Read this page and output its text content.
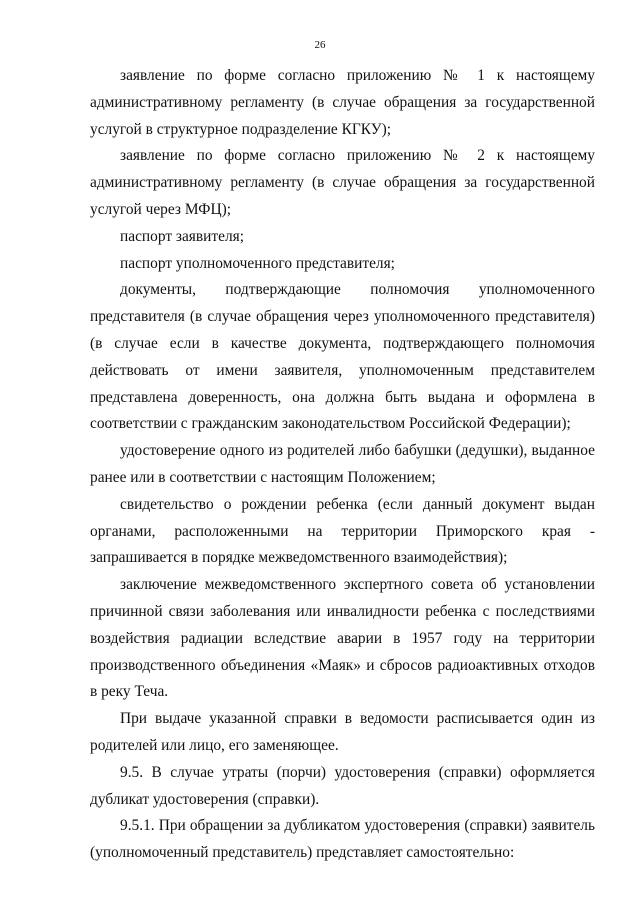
26

заявление по форме согласно приложению № 1 к настоящему административному регламенту (в случае обращения за государственной услугой в структурное подразделение КГКУ);

заявление по форме согласно приложению № 2 к настоящему административному регламенту (в случае обращения за государственной услугой через МФЦ);

паспорт заявителя;

паспорт уполномоченного представителя;

документы, подтверждающие полномочия уполномоченного представителя (в случае обращения через уполномоченного представителя) (в случае если в качестве документа, подтверждающего полномочия действовать от имени заявителя, уполномоченным представителем представлена доверенность, она должна быть выдана и оформлена в соответствии с гражданским законодательством Российской Федерации);

удостоверение одного из родителей либо бабушки (дедушки), выданное ранее или в соответствии с настоящим Положением;

свидетельство о рождении ребенка (если данный документ выдан органами, расположенными на территории Приморского края - запрашивается в порядке межведомственного взаимодействия);

заключение межведомственного экспертного совета об установлении причинной связи заболевания или инвалидности ребенка с последствиями воздействия радиации вследствие аварии в 1957 году на территории производственного объединения «Маяк» и сбросов радиоактивных отходов в реку Теча.

При выдаче указанной справки в ведомости расписывается один из родителей или лицо, его заменяющее.

9.5. В случае утраты (порчи) удостоверения (справки) оформляется дубликат удостоверения (справки).

9.5.1. При обращении за дубликатом удостоверения (справки) заявитель (уполномоченный представитель) представляет самостоятельно:
